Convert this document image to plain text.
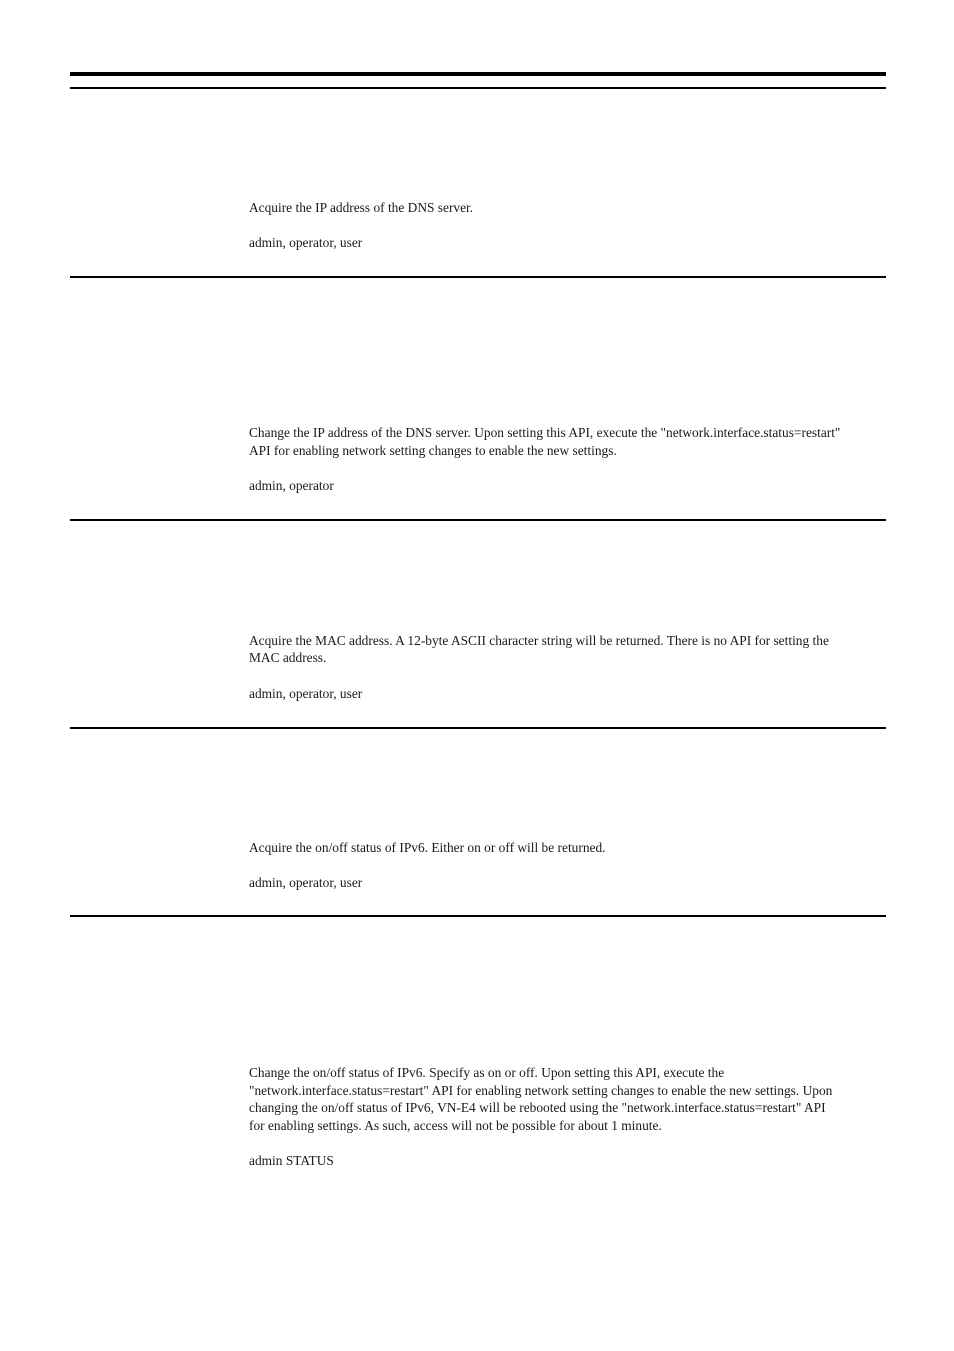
Acquire the IP address of the DNS server.

admin, operator, user

Change the IP address of the DNS server. Upon setting this API, execute the "network.interface.status=restart"

API for enabling network setting changes to enable the new settings.

admin, operator

Acquire the MAC address. A 12-byte ASCII character string will be returned. There is no API for setting the

MAC address.

admin, operator, user

Acquire the on/off status of IPv6. Either on or off will be returned.

admin, operator, user

Change the on/off status of IPv6. Specify as on or off. Upon setting this API, execute the

"network.interface.status=restart" API for enabling network setting changes to enable the new settings. Upon

changing the on/off status of IPv6, VN-E4 will be rebooted using the "network.interface.status=restart" API

for enabling settings. As such, access will not be possible for about 1 minute.

admin STATUS
